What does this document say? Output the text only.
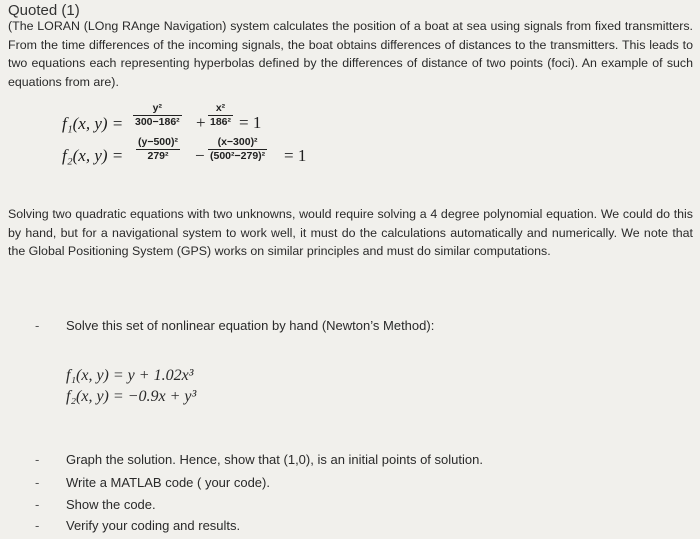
Quoted (1)
(The LORAN (LOng RAnge Navigation) system calculates the position of a boat at sea using signals from fixed transmitters. From the time differences of the incoming signals, the boat obtains differences of distances to the transmitters. This leads to two equations each representing hyperbolas defined by the differences of distance of two points (foci). An example of such equations from are).
f₁(x, y) =
y²
300−186² +
x²
186² = 1
f₂(x, y) =
(y−500)²
279² −
(x−300)²
(500²−279)² = 1
Solving two quadratic equations with two unknowns, would require solving a 4 degree polynomial equation. We could do this by hand, but for a navigational system to work well, it must do the calculations automatically and numerically. We note that the Global Positioning System (GPS) works on similar principles and must do similar computations.
- Solve this set of nonlinear equation by hand (Newton’s Method):
f₁(x, y) = y + 1.02x³
f₂(x, y) = −0.9x + y³
- Graph the solution. Hence, show that (1,0), is an initial points of solution.
- Write a MATLAB code ( your code).
- Show the code.
- Verify your coding and results.
